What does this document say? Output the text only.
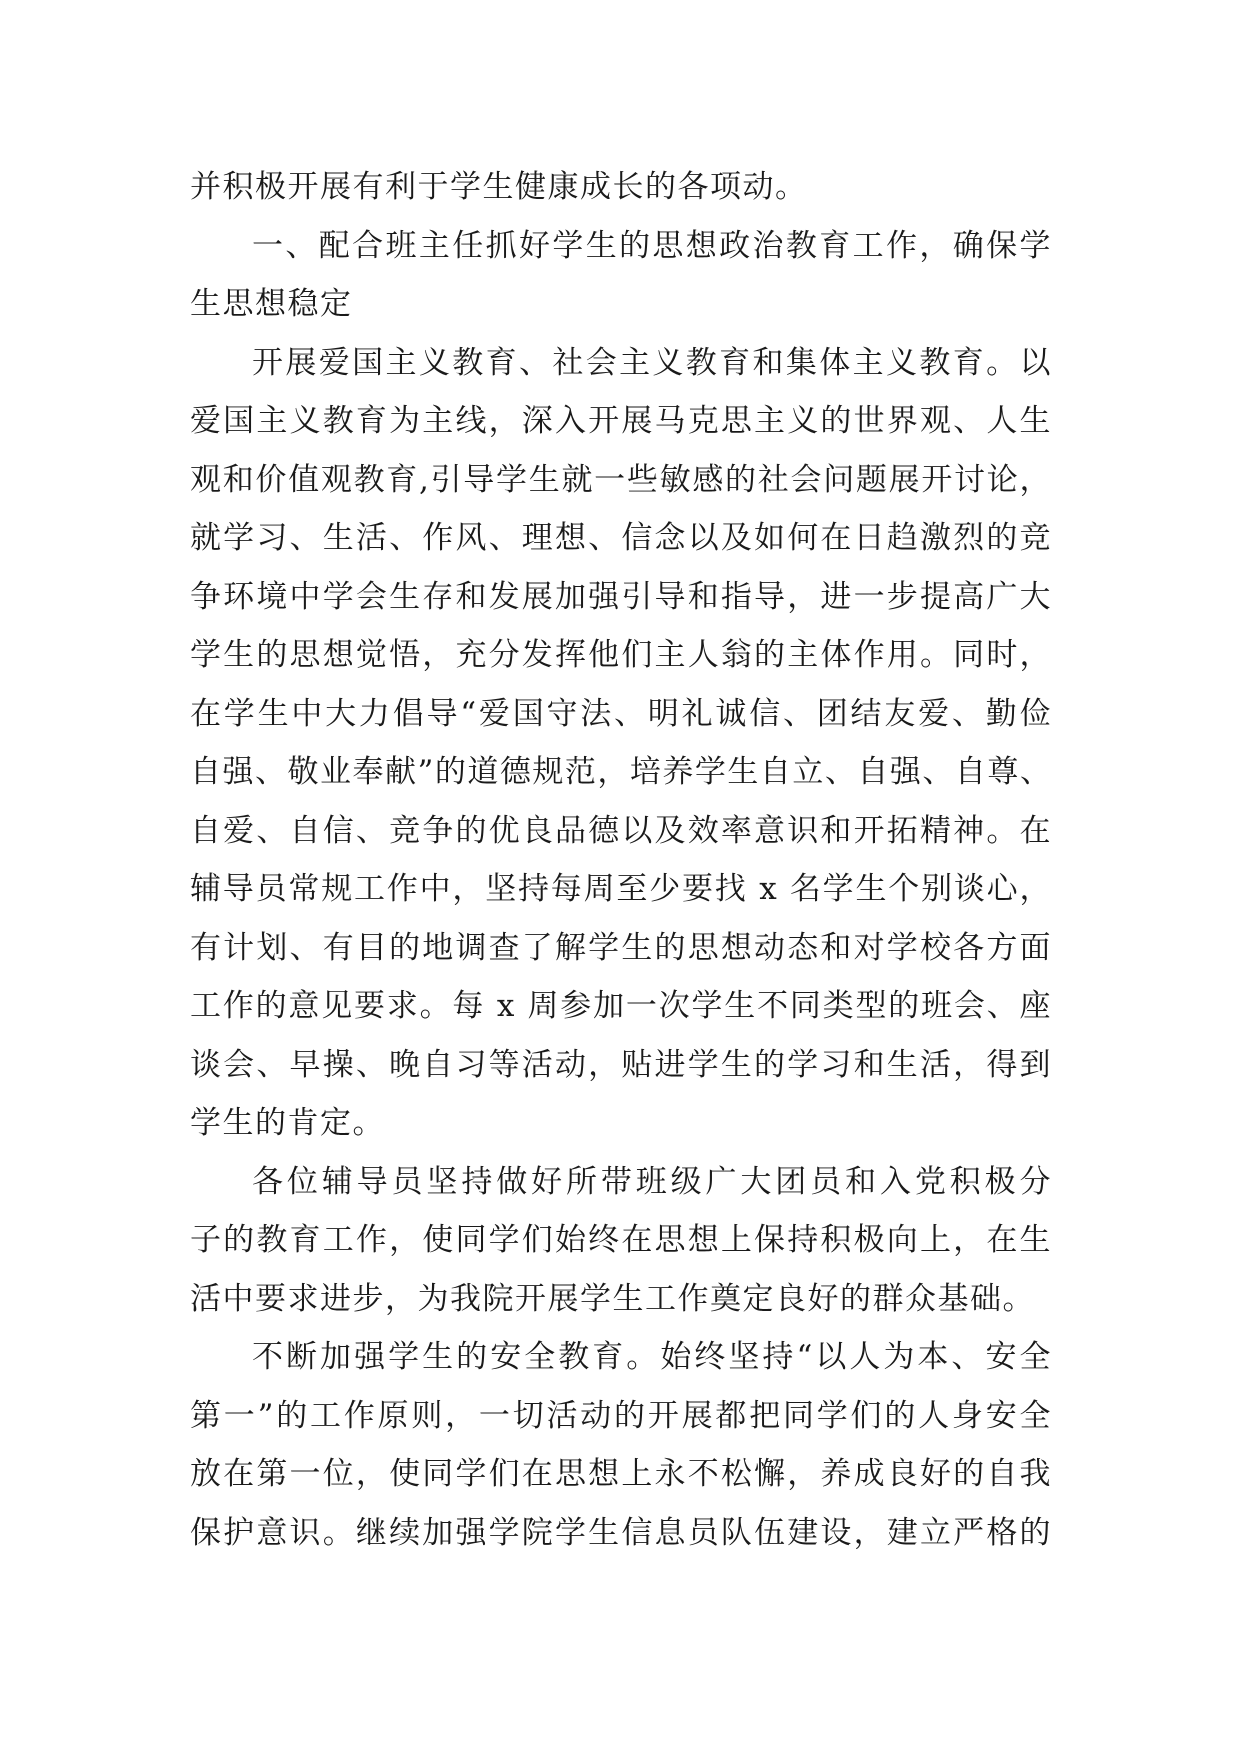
并积极开展有利于学生健康成长的各项动。
一、配合班主任抓好学生的思想政治教育工作，确保学
生思想稳定
开展爱国主义教育、社会主义教育和集体主义教育。以
爱国主义教育为主线，深入开展马克思主义的世界观、人生
观和价值观教育,引导学生就一些敏感的社会问题展开讨论，
就学习、生活、作风、理想、信念以及如何在日趋激烈的竞
争环境中学会生存和发展加强引导和指导，进一步提高广大
学生的思想觉悟，充分发挥他们主人翁的主体作用。同时，
在学生中大力倡导“爱国守法、明礼诚信、团结友爱、勤俭
自强、敬业奉献”的道德规范，培养学生自立、自强、自尊、
自爱、自信、竞争的优良品德以及效率意识和开拓精神。在
辅导员常规工作中，坚持每周至少要找 x 名学生个别谈心，
有计划、有目的地调查了解学生的思想动态和对学校各方面
工作的意见要求。每 x 周参加一次学生不同类型的班会、座
谈会、早操、晚自习等活动，贴进学生的学习和生活，得到
学生的肯定。
各位辅导员坚持做好所带班级广大团员和入党积极分
子的教育工作，使同学们始终在思想上保持积极向上，在生
活中要求进步，为我院开展学生工作奠定良好的群众基础。
不断加强学生的安全教育。始终坚持“以人为本、安全
第一”的工作原则，一切活动的开展都把同学们的人身安全
放在第一位，使同学们在思想上永不松懈，养成良好的自我
保护意识。继续加强学院学生信息员队伍建设，建立严格的
